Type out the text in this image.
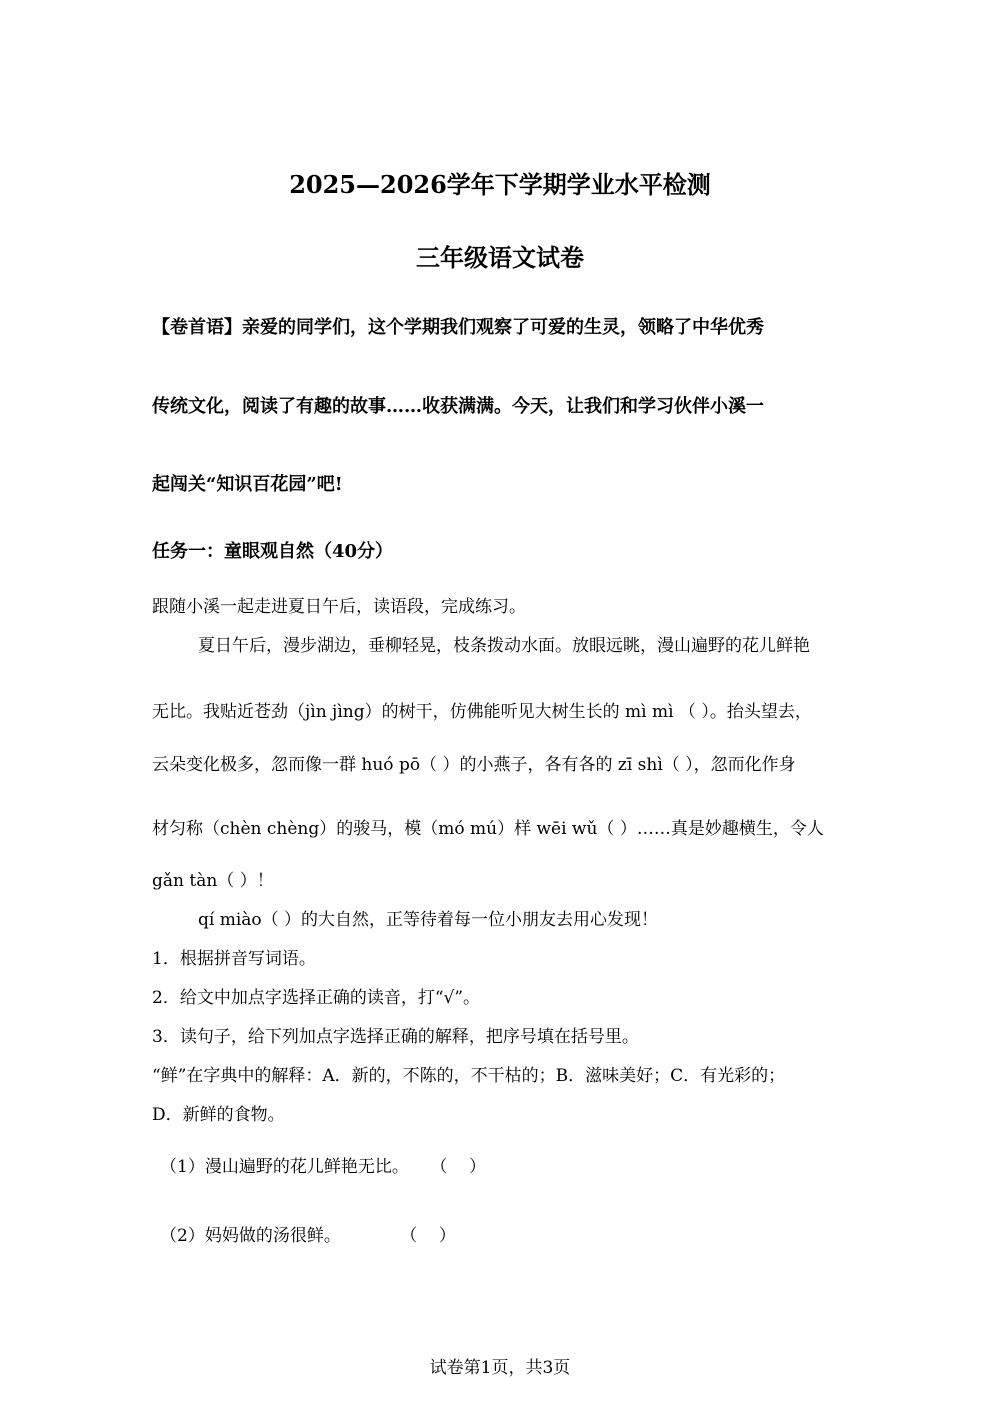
2025—2026学年下学期学业水平检测
三年级语文试卷
【卷首语】亲爱的同学们，这个学期我们观察了可爱的生灵，领略了中华优秀
传统文化，阅读了有趣的故事……收获满满。今天，让我们和学习伙伴小溪一
起闯关“知识百花园”吧!
任务一：童眼观自然（40分）
跟随小溪一起走进夏日午后，读语段，完成练习。
夏日午后，漫步湖边，垂柳轻晃，枝条拨动水面。放眼远眺，漫山遍野的花儿鲜艳
无比。我贴近苍劲（jìn jìng）的树干，仿佛能听见大树生长的 mì mì （ ）。抬头望去，
云朵变化极多，忽而像一群 huó pō（ ）的小燕子，各有各的 zī shì（ ），忽而化作身
材匀称（chèn chèng）的骏马，模（mó mú）样 wēi wǔ（ ）……真是妙趣横生，令人
gǎn tàn（ ）！
qí miào（ ）的大自然，正等待着每一位小朋友去用心发现！
1．根据拼音写词语。
2．给文中加点字选择正确的读音，打“√”。
3．读句子，给下列加点字选择正确的解释，把序号填在括号里。
“鲜”在字典中的解释：A．新的，不陈的，不干枯的；B．滋味美好；C．有光彩的；
D．新鲜的食物。
（1）漫山遍野的花儿鲜艳无比。    （    ）
（2）妈妈做的汤很鲜。           （    ）
试卷第1页，共3页
